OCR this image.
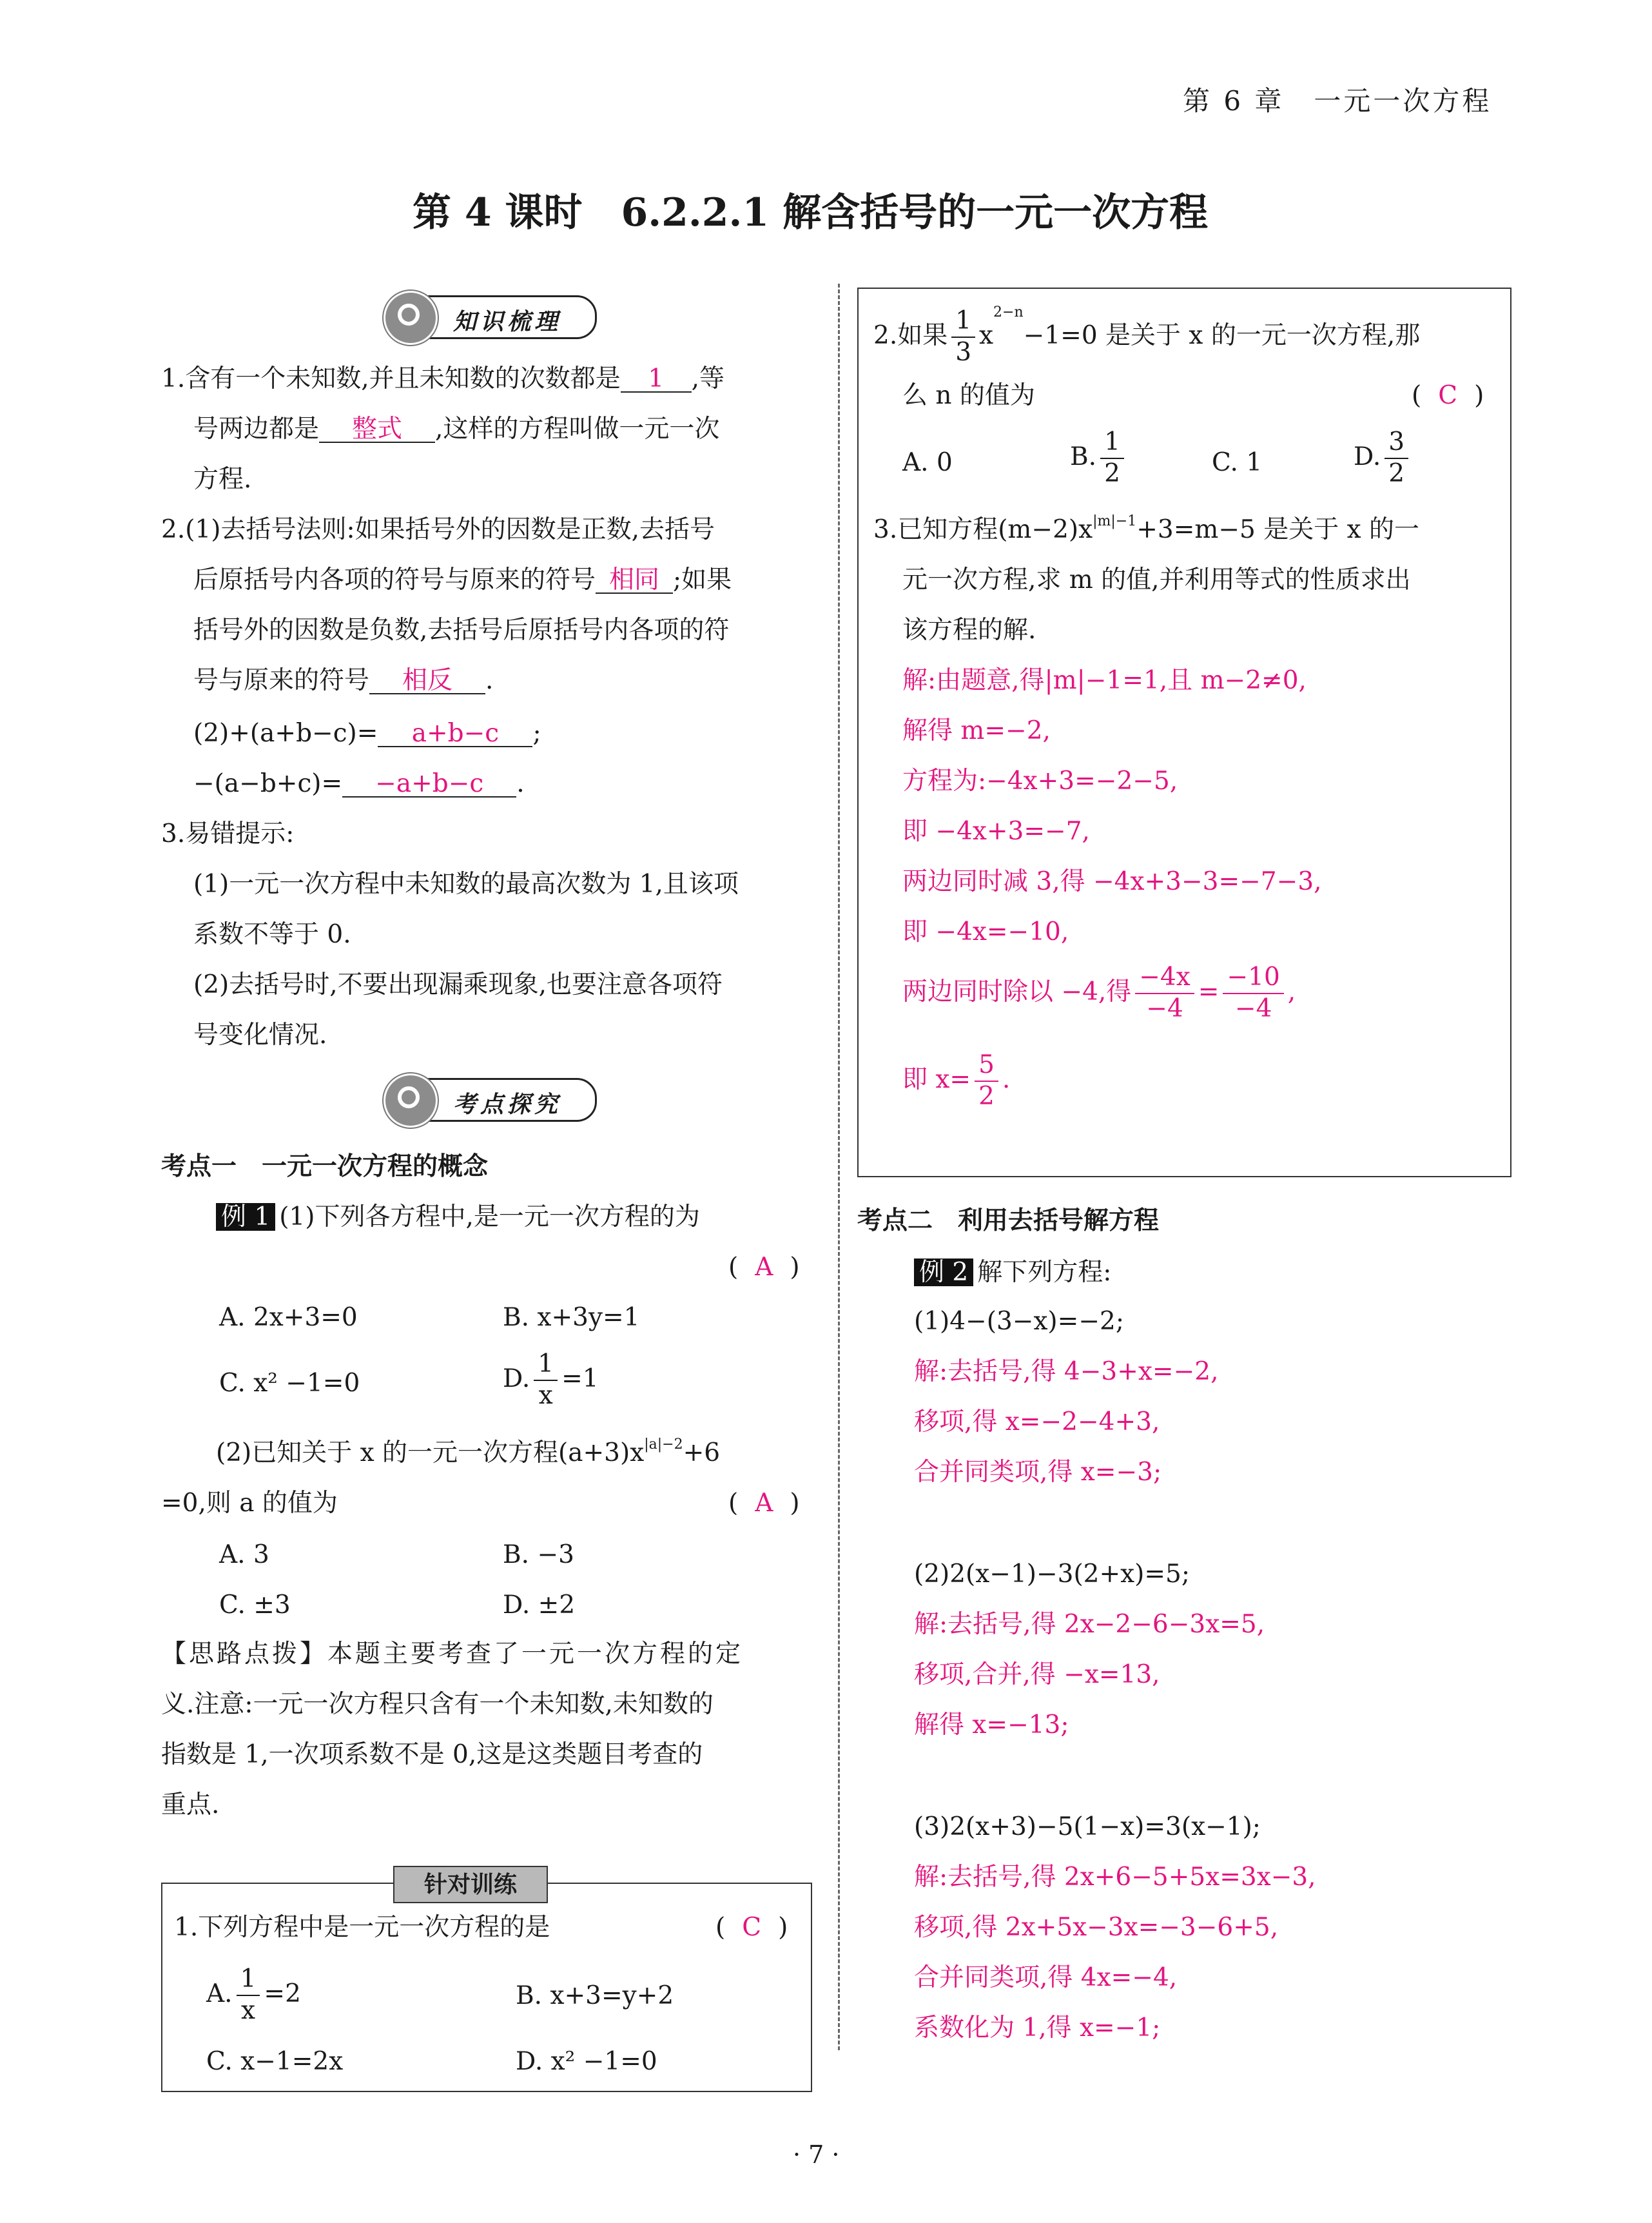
第 6 章　一元一次方程
第 4 课时　6.2.2.1 解含括号的一元一次方程
知识梳理
1.含有一个未知数,并且未知数的次数都是 1 ,等
号两边都是 整式 ,这样的方程叫做一元一次
方程.
2.(1)去括号法则:如果括号外的因数是正数,去括号
后原括号内各项的符号与原来的符号 相同 ;如果
括号外的因数是负数,去括号后原括号内各项的符
号与原来的符号 相反 .
(2)+(a+b−c)= a+b−c ;
−(a−b+c)= −a+b−c .
3.易错提示:
(1)一元一次方程中未知数的最高次数为 1,且该项
系数不等于 0.
(2)去括号时,不要出现漏乘现象,也要注意各项符
号变化情况.
考点探究
考点一　一元一次方程的概念
例 1 (1)下列各方程中,是一元一次方程的为
( A )
A. 2x+3=0	B. x+3y=1
C. x² −1=0	D. $\frac{1}{x} =1$
(2)已知关于 x 的一元一次方程$(a+3)x^{|a|-2}+6$
=0,则 a 的值为	( A )
A. 3	B. −3
C. ±3	D. ±2
【思路点拨】本题主要考查了一元一次方程的定
义.注意:一元一次方程只含有一个未知数,未知数的
指数是 1,一次项系数不是 0,这是这类题目考查的
重点.
针对训练
1.下列方程中是一元一次方程的是	( C )
A. $\frac{1}{x} =2$	B. x+3=y+2
C. x−1=2x	D. x² −1=0
2.如果 $\frac{1}{3} x^{2-n}-1=0$ 是关于 x 的一元一次方程,那
么 n 的值为	( C )
A. 0	B. $\frac{1}{2}$	C. 1	D. $\frac{3}{2}$
3.已知方程$(m-2)x^{|m|-1}+3=m-5$ 是关于 x 的一
元一次方程,求 m 的值,并利用等式的性质求出
该方程的解.
解:由题意,得|m|−1=1,且 m−2≠0,
解得 m=−2,
方程为:−4x+3=−2−5,
即 −4x+3=−7,
两边同时减 3,得 −4x+3−3=−7−3,
即 −4x=−10,
两边同时除以 −4,得 $\frac{-4x}{-4} = \frac{-10}{-4}$ ,
即 $x= \frac{5}{2}$ .
考点二　利用去括号解方程
例 2 解下列方程:
(1)4−(3−x)=−2;
解:去括号,得 4−3+x=−2,
移项,得 x=−2−4+3,
合并同类项,得 x=−3;
(2)2(x−1)−3(2+x)=5;
解:去括号,得 2x−2−6−3x=5,
移项,合并,得 −x=13,
解得 x=−13;
(3)2(x+3)−5(1−x)=3(x−1);
解:去括号,得 2x+6−5+5x=3x−3,
移项,得 2x+5x−3x=−3−6+5,
合并同类项,得 4x=−4,
系数化为 1,得 x=−1;
· 7 ·
